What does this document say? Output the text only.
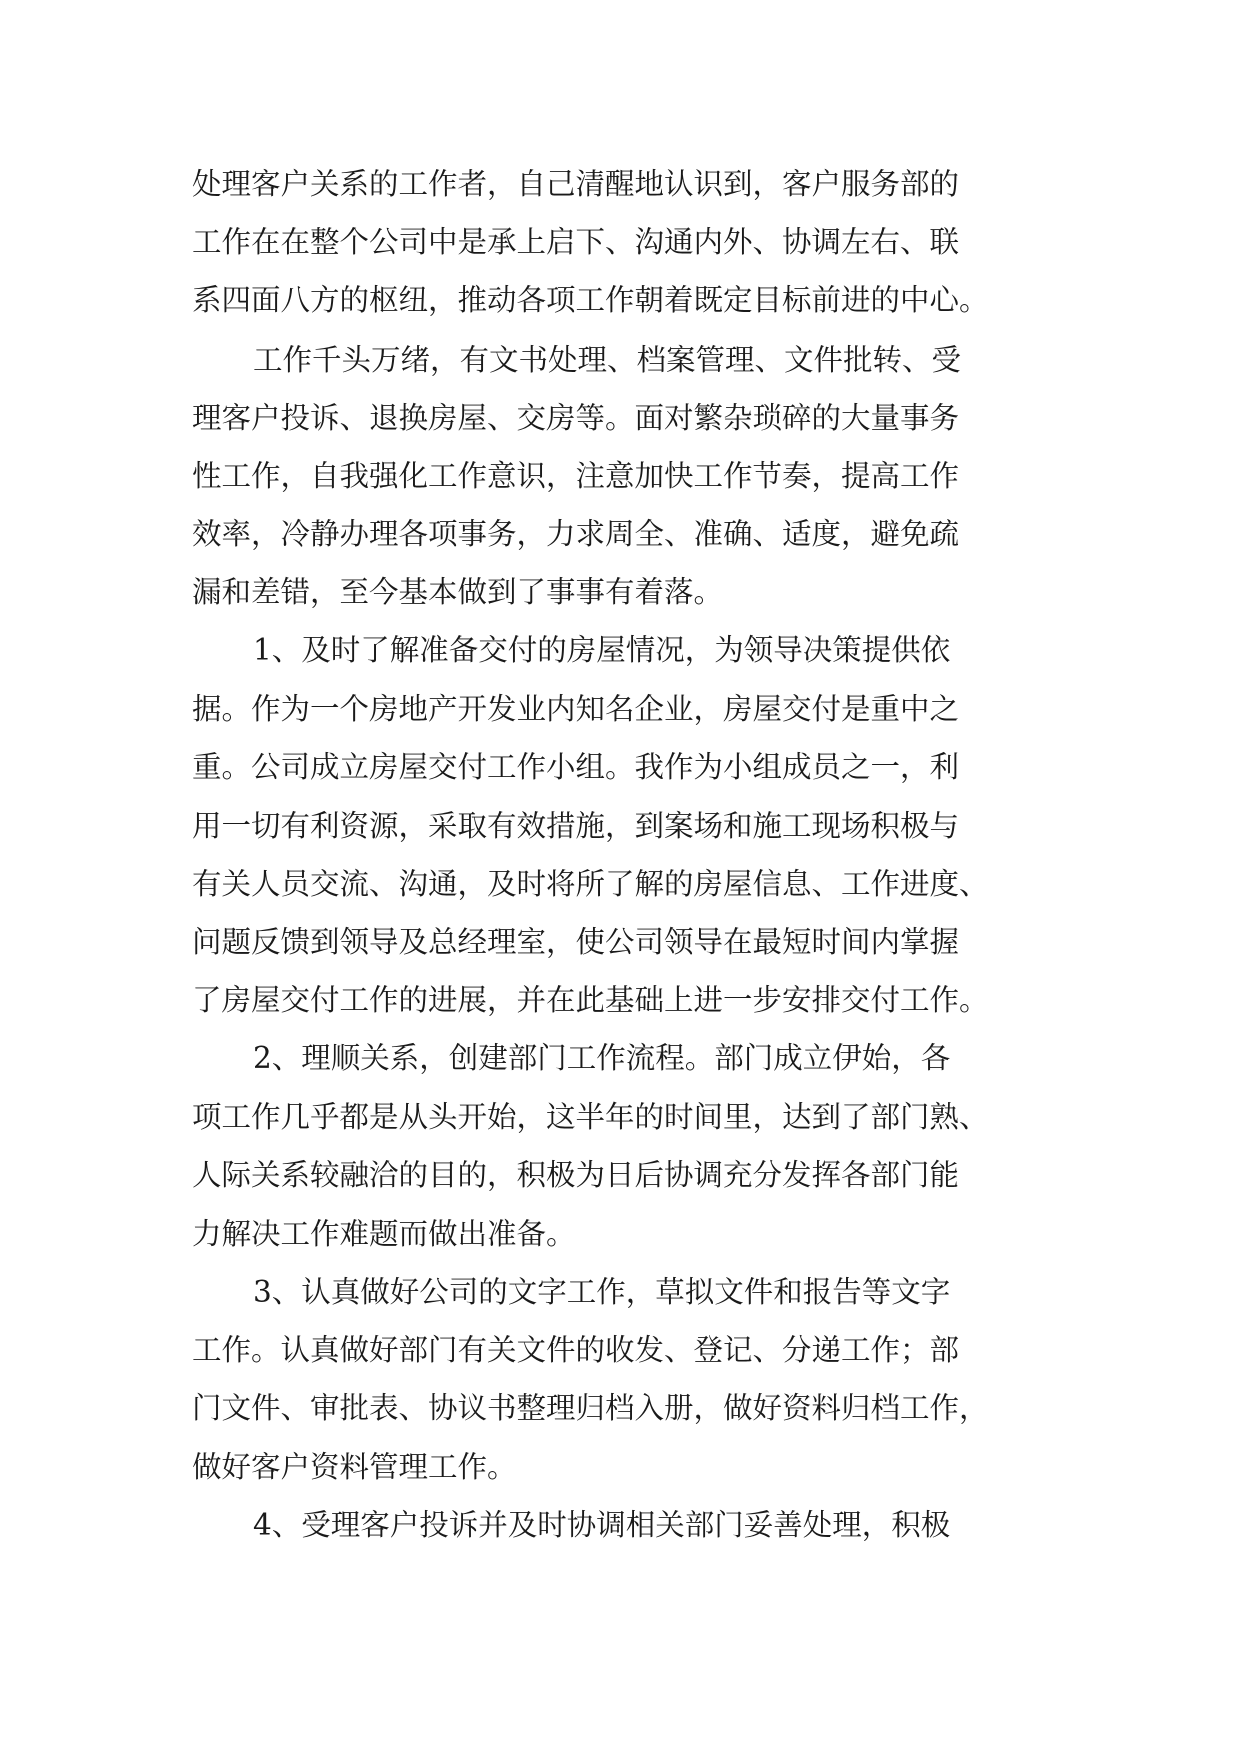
处理客户关系的工作者，自己清醒地认识到，客户服务部的
工作在在整个公司中是承上启下、沟通内外、协调左右、联
系四面八方的枢纽，推动各项工作朝着既定目标前进的中心。
工作千头万绪，有文书处理、档案管理、文件批转、受
理客户投诉、退换房屋、交房等。面对繁杂琐碎的大量事务
性工作，自我强化工作意识，注意加快工作节奏，提高工作
效率，冷静办理各项事务，力求周全、准确、适度，避免疏
漏和差错，至今基本做到了事事有着落。
1、及时了解准备交付的房屋情况，为领导决策提供依
据。作为一个房地产开发业内知名企业，房屋交付是重中之
重。公司成立房屋交付工作小组。我作为小组成员之一，利
用一切有利资源，采取有效措施，到案场和施工现场积极与
有关人员交流、沟通，及时将所了解的房屋信息、工作进度、
问题反馈到领导及总经理室，使公司领导在最短时间内掌握
了房屋交付工作的进展，并在此基础上进一步安排交付工作。
2、理顺关系，创建部门工作流程。部门成立伊始，各
项工作几乎都是从头开始，这半年的时间里，达到了部门熟、
人际关系较融洽的目的，积极为日后协调充分发挥各部门能
力解决工作难题而做出准备。
3、认真做好公司的文字工作，草拟文件和报告等文字
工作。认真做好部门有关文件的收发、登记、分递工作；部
门文件、审批表、协议书整理归档入册，做好资料归档工作，
做好客户资料管理工作。
4、受理客户投诉并及时协调相关部门妥善处理，积极
